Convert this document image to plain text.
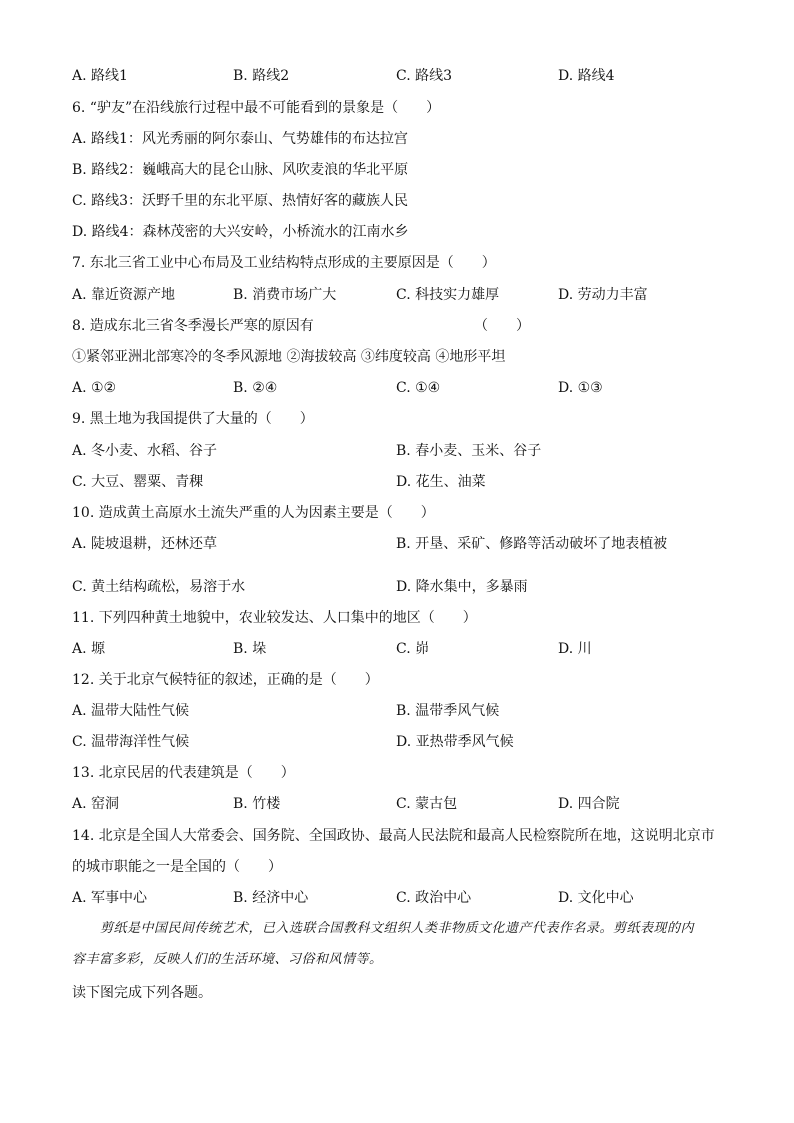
A. 路线1	B. 路线2	C. 路线3	D. 路线4
6. “驴友”在沿线旅行过程中最不可能看到的景象是（　　）
A. 路线1：风光秀丽的阿尔泰山、气势雄伟的布达拉宫
B. 路线2：巍峨高大的昆仑山脉、风吹麦浪的华北平原
C. 路线3：沃野千里的东北平原、热情好客的藏族人民
D. 路线4：森林茂密的大兴安岭，小桥流水的江南水乡
7. 东北三省工业中心布局及工业结构特点形成的主要原因是（　　）
A. 靠近资源产地	B. 消费市场广大	C. 科技实力雄厚	D. 劳动力丰富
8. 造成东北三省冬季漫长严寒的原因有	（　　）
①紧邻亚洲北部寒冷的冬季风源地 ②海拔较高 ③纬度较高 ④地形平坦
A. ①②	B. ②④	C. ①④	D. ①③
9. 黑土地为我国提供了大量的（　　）
A. 冬小麦、水稻、谷子	B. 春小麦、玉米、谷子
C. 大豆、罂粟、青稞	D. 花生、油菜
10. 造成黄土高原水土流失严重的人为因素主要是（　　）
A. 陡坡退耕，还林还草	B. 开垦、采矿、修路等活动破坏了地表植被
C. 黄土结构疏松，易溶于水	D. 降水集中，多暴雨
11. 下列四种黄土地貌中，农业较发达、人口集中的地区（　　）
A. 塬	B. 垛	C. 峁	D. 川
12. 关于北京气候特征的叙述，正确的是（　　）
A. 温带大陆性气候	B. 温带季风气候
C. 温带海洋性气候	D. 亚热带季风气候
13. 北京民居的代表建筑是（　　）
A. 窑洞	B. 竹楼	C. 蒙古包	D. 四合院
14. 北京是全国人大常委会、国务院、全国政协、最高人民法院和最高人民检察院所在地，这说明北京市
的城市职能之一是全国的（　　）
A. 军事中心	B. 经济中心	C. 政治中心	D. 文化中心
剪纸是中国民间传统艺术，已入选联合国教科文组织人类非物质文化遗产代表作名录。剪纸表现的内
容丰富多彩，反映人们的生活环境、习俗和风情等。
读下图完成下列各题。
